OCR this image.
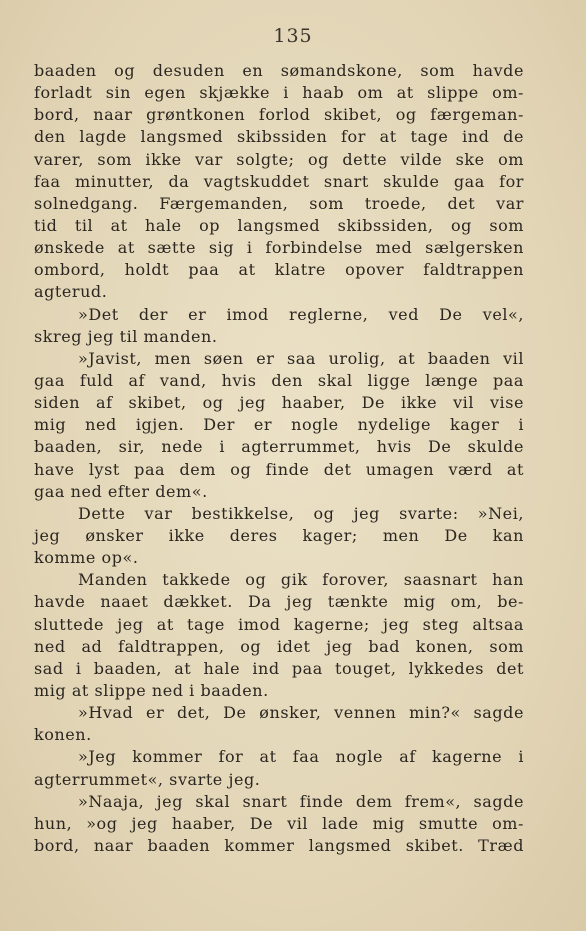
135
baaden og desuden en sømandskone, som havde
forladt sin egen skjække i haab om at slippe om-
bord, naar grøntkonen forlod skibet, og færgeman-
den lagde langsmed skibssiden for at tage ind de
varer, som ikke var solgte; og dette vilde ske om
faa minutter, da vagtskuddet snart skulde gaa for
solnedgang. Færgemanden, som troede, det var
tid til at hale op langsmed skibssiden, og som
ønskede at sætte sig i forbindelse med sælgersken
ombord, holdt paa at klatre opover faldtrappen
agterud.
»Det der er imod reglerne, ved De vel«,
skreg jeg til manden.
»Javist, men søen er saa urolig, at baaden vil
gaa fuld af vand, hvis den skal ligge længe paa
siden af skibet, og jeg haaber, De ikke vil vise
mig ned igjen. Der er nogle nydelige kager i
baaden, sir, nede i agterrummet, hvis De skulde
have lyst paa dem og finde det umagen værd at
gaa ned efter dem«.
Dette var bestikkelse, og jeg svarte: »Nei,
jeg ønsker ikke deres kager; men De kan
komme op«.
Manden takkede og gik forover, saasnart han
havde naaet dækket. Da jeg tænkte mig om, be-
sluttede jeg at tage imod kagerne; jeg steg altsaa
ned ad faldtrappen, og idet jeg bad konen, som
sad i baaden, at hale ind paa touget, lykkedes det
mig at slippe ned i baaden.
»Hvad er det, De ønsker, vennen min?« sagde
konen.
»Jeg kommer for at faa nogle af kagerne i
agterrummet«, svarte jeg.
»Naaja, jeg skal snart finde dem frem«, sagde
hun, »og jeg haaber, De vil lade mig smutte om-
bord, naar baaden kommer langsmed skibet. Træd
